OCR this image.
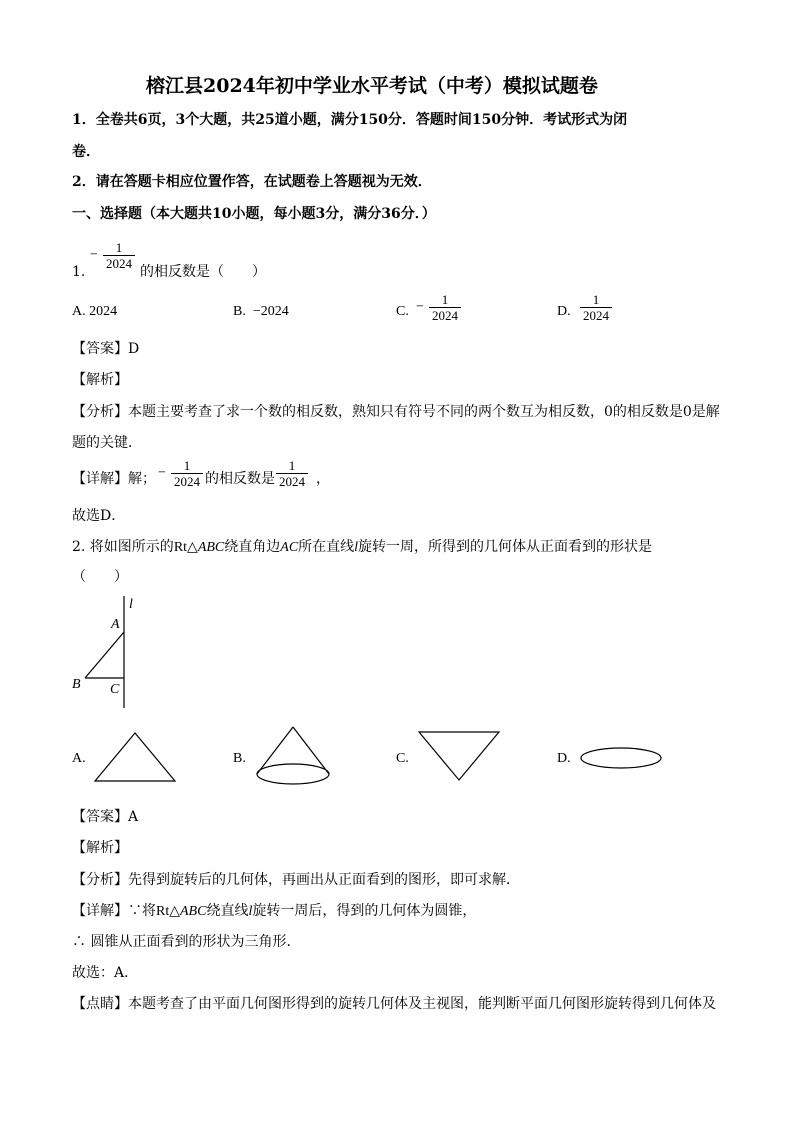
榕江县2024年初中学业水平考试（中考）模拟试题卷
1．全卷共6页，3个大题，共25道小题，满分150分．答题时间150分钟．考试形式为闭
卷．
2．请在答题卡相应位置作答，在试题卷上答题视为无效．
一、选择题（本大题共10小题，每小题3分，满分36分．）
1.
− $\frac{1}{2024}$
的相反数是（　　）
A. 2024	B. −2024	C. − $\frac{1}{2024}$	D. $\frac{1}{2024}$
【答案】D
【解析】
【分析】本题主要考查了求一个数的相反数，熟知只有符号不同的两个数互为相反数，0的相反数是0是解
题的关键．
【详解】解； − $\frac{1}{2024}$ 的相反数是 $\frac{1}{2024}$ ，
故选D．
2. 将如图所示的Rt△ABC绕直角边AC所在直线l旋转一周，所得到的几何体从正面看到的形状是
（　　）
l
A
B C
A.	B.	C.	D.
【答案】A
【解析】
【分析】先得到旋转后的几何体，再画出从正面看到的图形，即可求解．
【详解】∵将Rt△ABC绕直线l旋转一周后，得到的几何体为圆锥，
∴ 圆锥从正面看到的形状为三角形．
故选：A．
【点睛】本题考查了由平面几何图形得到的旋转几何体及主视图，能判断平面几何图形旋转得到几何体及
